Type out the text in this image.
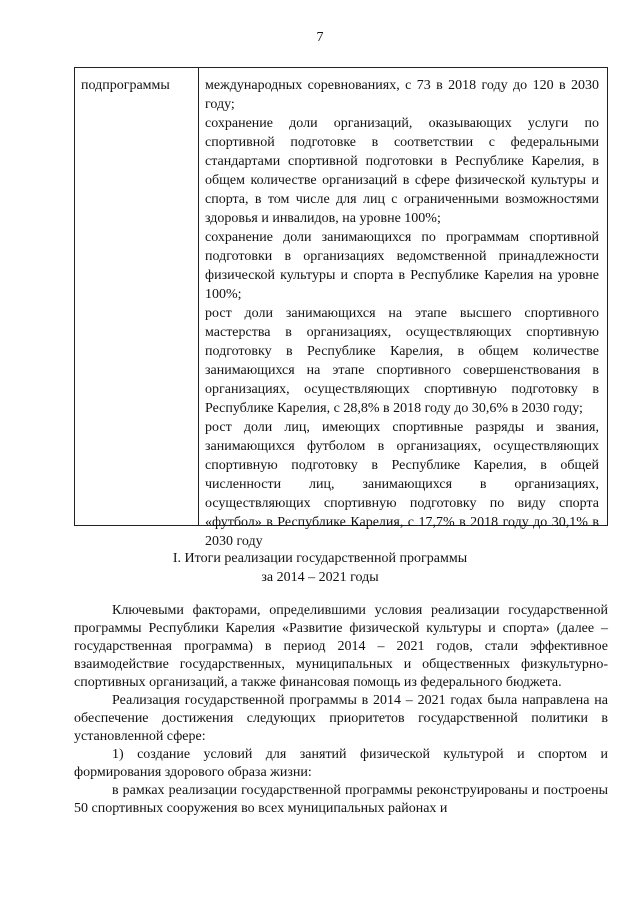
7
подпрограммы	международных соревнованиях, с 73 в 2018 году до 120 в 2030 году;

сохранение доли организаций, оказывающих услуги по спортивной подготовке в соответствии с федеральными стандартами спортивной подготовки в Республике Карелия, в общем количестве организаций в сфере физической культуры и спорта, в том числе для лиц с ограниченными возможностями здоровья и инвалидов, на уровне 100%;

сохранение доли занимающихся по программам спортивной подготовки в организациях ведомственной принадлежности физической культуры и спорта в Республике Карелия на уровне 100%;

рост доли занимающихся на этапе высшего спортивного мастерства в организациях, осуществляющих спортивную подготовку в Республике Карелия, в общем количестве занимающихся на этапе спортивного совершенствования в организациях, осуществляющих спортивную подготовку в Республике Карелия, с 28,8% в 2018 году до 30,6% в 2030 году;

рост доли лиц, имеющих спортивные разряды и звания, занимающихся футболом в организациях, осуществляющих спортивную подготовку в Республике Карелия, в общей численности лиц, занимающихся в организациях, осуществляющих спортивную подготовку по виду спорта «футбол» в Республике Карелия, с 17,7% в 2018 году до 30,1% в 2030 году

I. Итоги реализации государственной программы
за 2014 – 2021 годы

Ключевыми факторами, определившими условия реализации государственной программы Республики Карелия «Развитие физической культуры и спорта» (далее – государственная программа) в период 2014 – 2021 годов, стали эффективное взаимодействие государственных, муниципальных и общественных физкультурно-спортивных организаций, а также финансовая помощь из федерального бюджета.

Реализация государственной программы в 2014 – 2021 годах была направлена на обеспечение достижения следующих приоритетов государственной политики в установленной сфере:

1) создание условий для занятий физической культурой и спортом и формирования здорового образа жизни:

в рамках реализации государственной программы реконструированы и построены 50 спортивных сооружения во всех муниципальных районах и
